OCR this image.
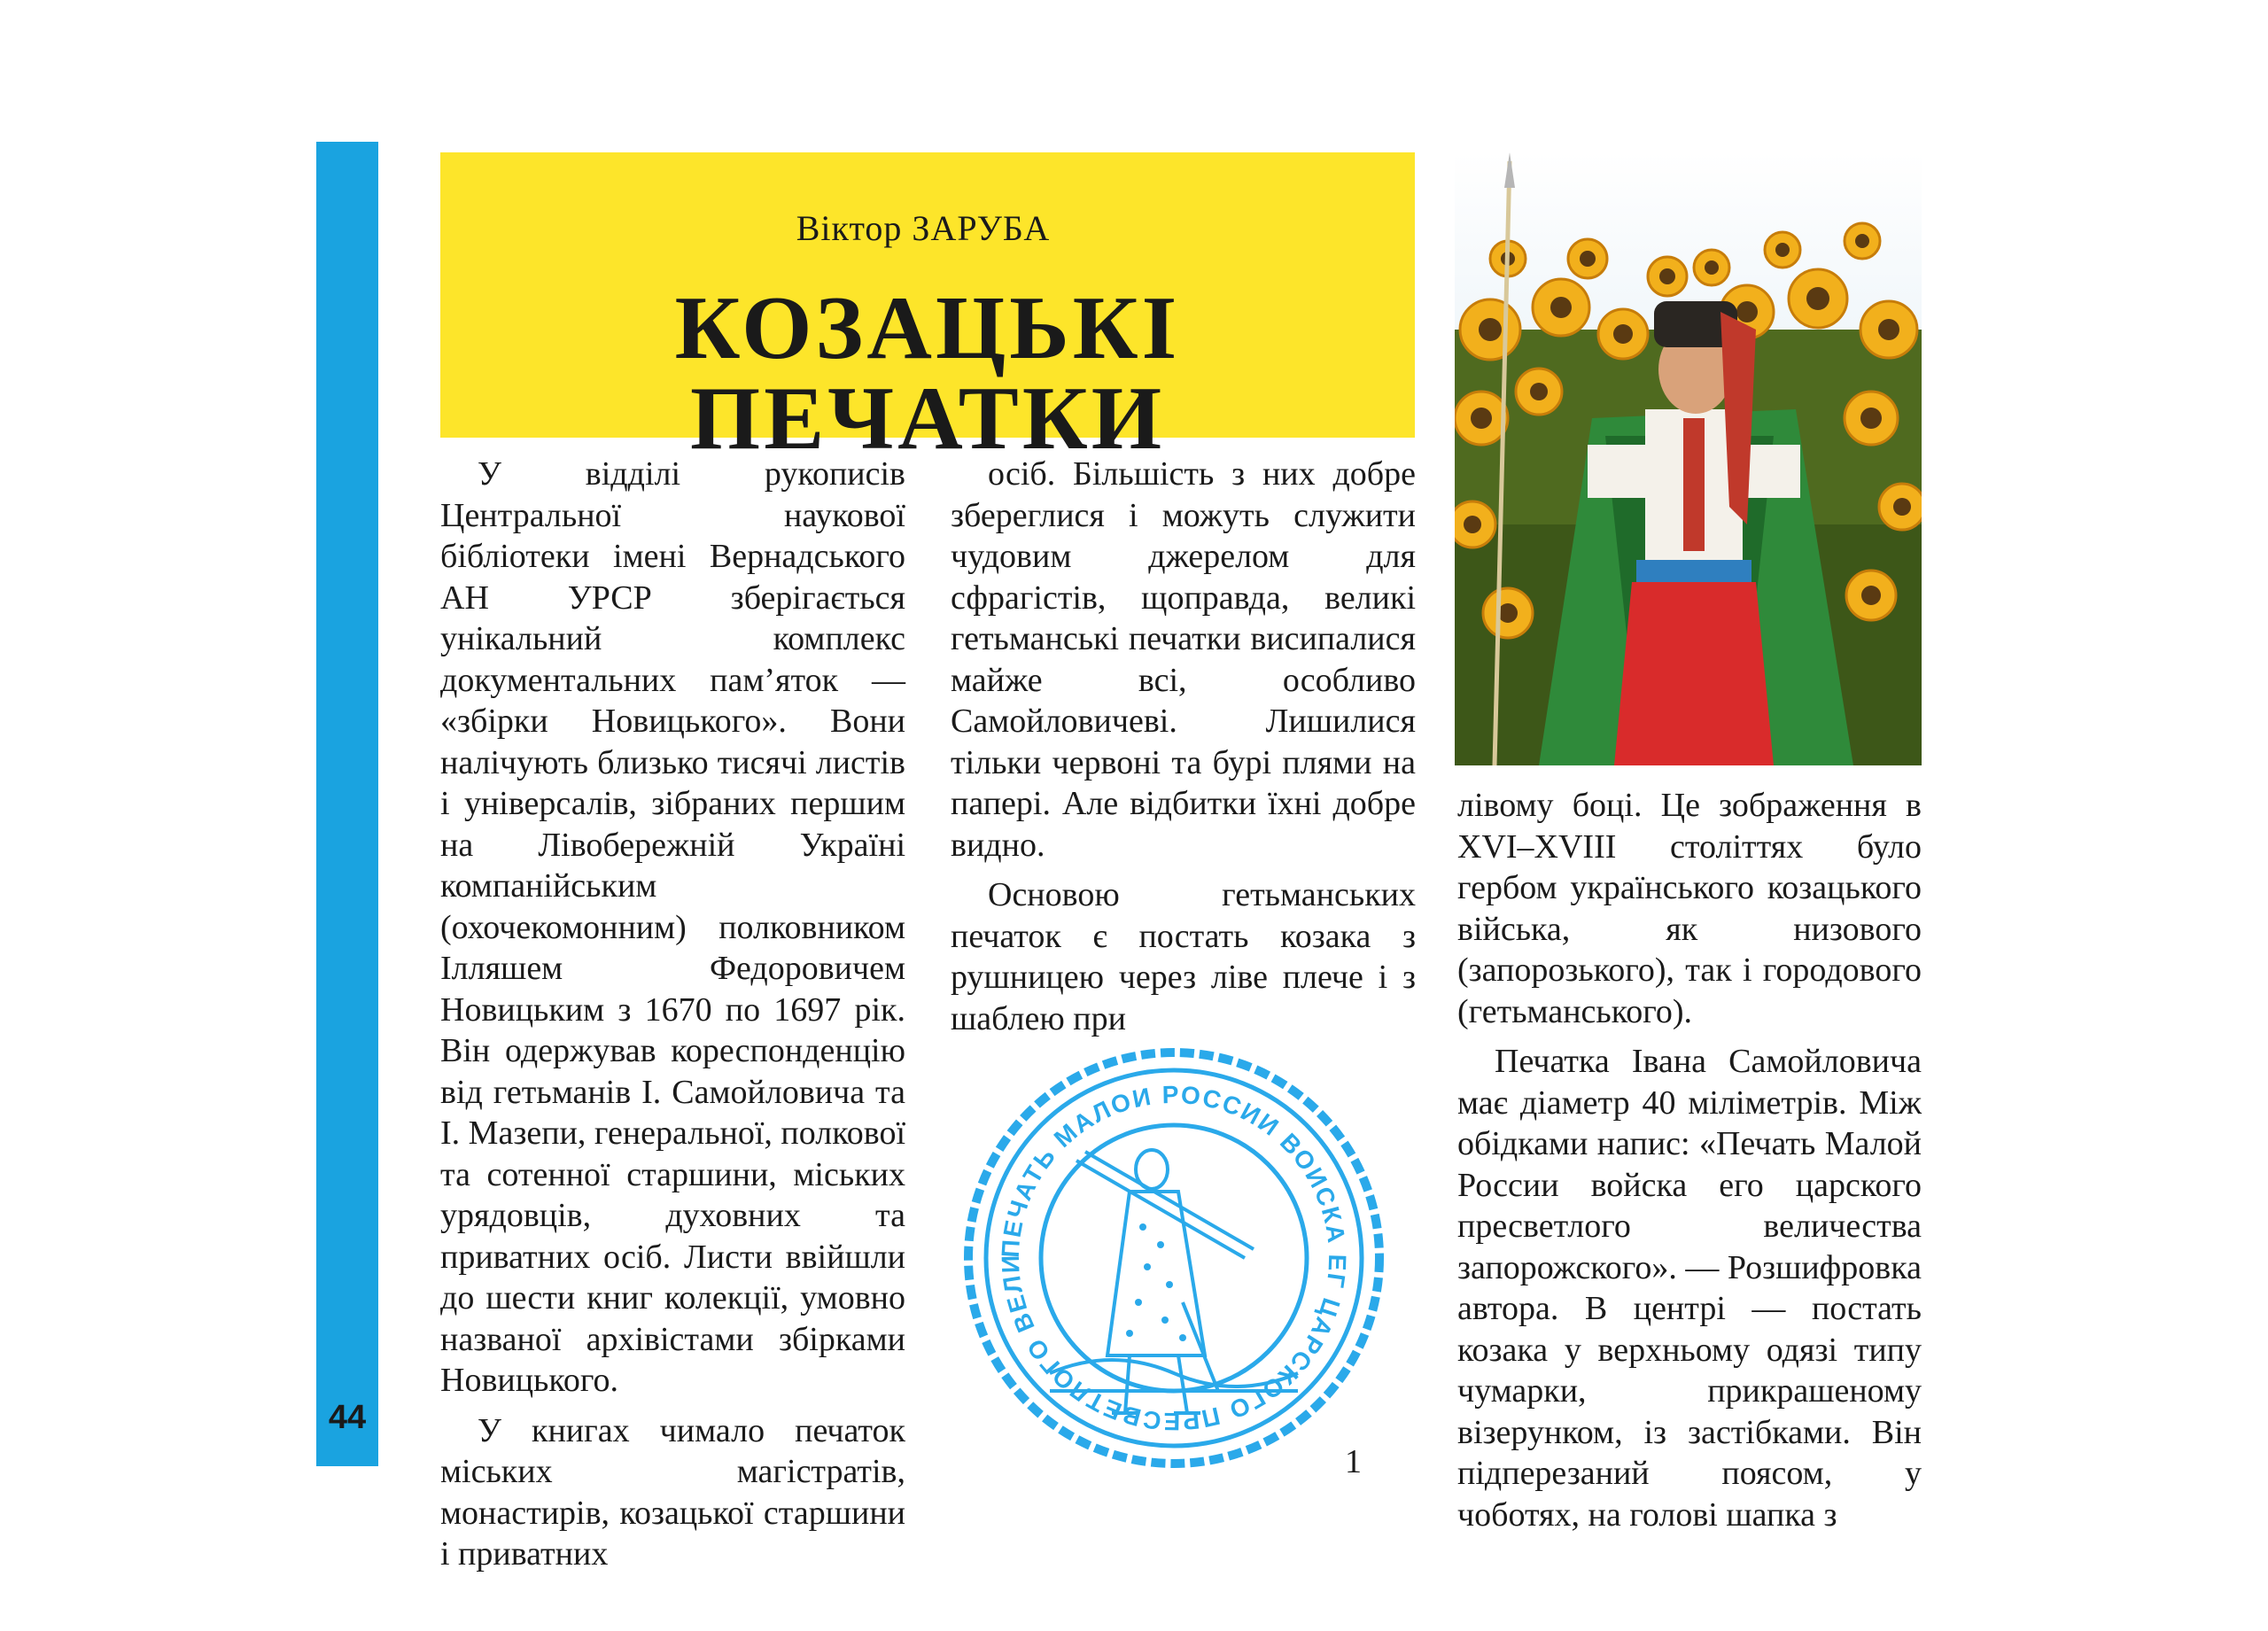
44
Віктор ЗАРУБА
КОЗАЦЬКІ ПЕЧАТКИ

У відділі рукописів Центральної наукової бібліотеки імені Вернадського АН УРСР зберігається унікальний комплекс документальних пам’яток — «збірки Новицького». Вони налічують близько тисячі листів і універсалів, зібраних першим на Лівобережній Україні компанійським (охочекомонним) полковником Ілляшем Федоровичем Новицьким з 1670 по 1697 рік. Він одержував кореспонденцію від гетьманів І. Самойловича та І. Мазепи, генеральної, полкової та сотенної старшини, міських урядовців, духовних та приватних осіб. Листи ввійшли до шести книг колекції, умовно названої архівістами збірками Новицького.

У книгах чимало печаток міських магістратів, монастирів, козацької старшини і приватних

осіб. Більшість з них добре збереглися і можуть служити чудовим джерелом для сфрагістів, щоправда, великі гетьманські печатки висипалися майже всі, особливо Самойловичеві. Лишилися тільки червоні та бурі плями на папері. Але відбитки їхні добре видно.

Основою гетьманських печаток є постать козака з рушницею через ліве плече і з шаблею при

лівому боці. Це зображення в XVI–XVIII століттях було гербом українського козацького війська, як низового (запорозького), так і городового (гетьманського).

Печатка Івана Самойловича має діаметр 40 міліметрів. Між обідками напис: «Печать Малой России войска его царского пресветлого величества запорожского». — Розшифровка автора. В центрі — постать козака у верхньому одязі типу чумарки, прикрашеному візерунком, із застібками. Він підперезаний поясом, у чоботях, на голові шапка з

ПЕЧАТЬ МАЛОИ РОССИИ ВОИСКА ЕГ ЦАРСКОГО ПРЕСВЕТЛОГО ВЕЛИ
1
